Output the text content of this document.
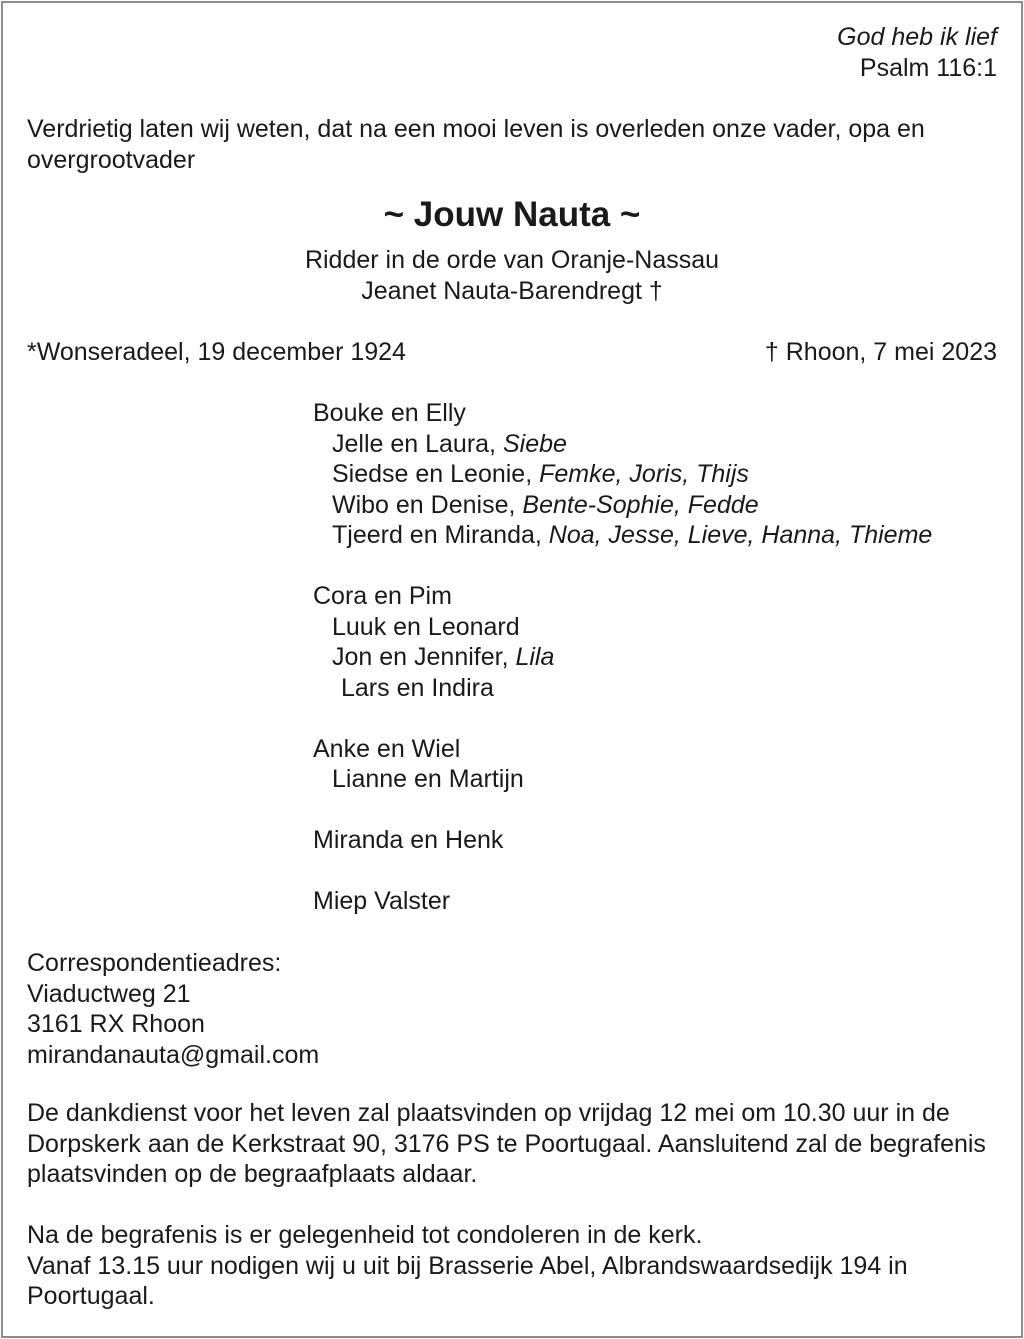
God heb ik lief
Psalm 116:1
Verdrietig laten wij weten, dat na een mooi leven is overleden onze vader, opa en overgrootvader
~ Jouw Nauta ~
Ridder in de orde van Oranje-Nassau
Jeanet Nauta-Barendregt †
*Wonseradeel, 19 december 1924	† Rhoon, 7 mei 2023
Bouke en Elly
Jelle en Laura, Siebe
Siedse en Leonie, Femke, Joris, Thijs
Wibo en Denise, Bente-Sophie, Fedde
Tjeerd en Miranda, Noa, Jesse, Lieve, Hanna, Thieme
Cora en Pim
Luuk en Leonard
Jon en Jennifer, Lila
Lars en Indira
Anke en Wiel
Lianne en Martijn
Miranda en Henk
Miep Valster
Correspondentieadres:
Viaductweg 21
3161 RX Rhoon
mirandanauta@gmail.com
De dankdienst voor het leven zal plaatsvinden op vrijdag 12 mei om 10.30 uur in de Dorpskerk aan de Kerkstraat 90, 3176 PS te Poortugaal. Aansluitend zal de begrafenis plaatsvinden op de begraafplaats aldaar.
Na de begrafenis is er gelegenheid tot condoleren in de kerk.
Vanaf 13.15 uur nodigen wij u uit bij Brasserie Abel, Albrandswaardsedijk 194 in Poortugaal.
